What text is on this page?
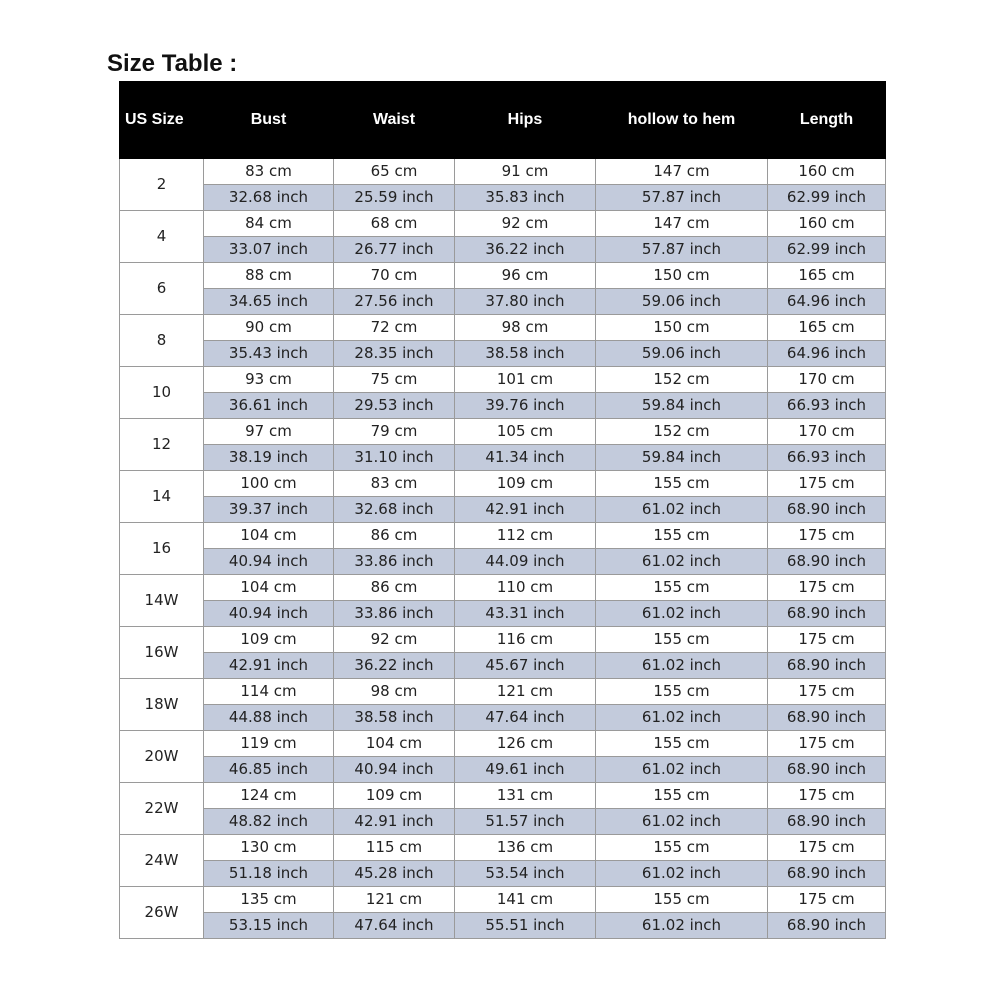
Size Table :
US Size	Bust	Waist	Hips	hollow to hem	Length
2	83 cm	65 cm	91 cm	147 cm	160 cm
	32.68 inch	25.59 inch	35.83 inch	57.87 inch	62.99 inch
4	84 cm	68 cm	92 cm	147 cm	160 cm
	33.07 inch	26.77 inch	36.22 inch	57.87 inch	62.99 inch
6	88 cm	70 cm	96 cm	150 cm	165 cm
	34.65 inch	27.56 inch	37.80 inch	59.06 inch	64.96 inch
8	90 cm	72 cm	98 cm	150 cm	165 cm
	35.43 inch	28.35 inch	38.58 inch	59.06 inch	64.96 inch
10	93 cm	75 cm	101 cm	152 cm	170 cm
	36.61 inch	29.53 inch	39.76 inch	59.84 inch	66.93 inch
12	97 cm	79 cm	105 cm	152 cm	170 cm
	38.19 inch	31.10 inch	41.34 inch	59.84 inch	66.93 inch
14	100 cm	83 cm	109 cm	155 cm	175 cm
	39.37 inch	32.68 inch	42.91 inch	61.02 inch	68.90 inch
16	104 cm	86 cm	112 cm	155 cm	175 cm
	40.94 inch	33.86 inch	44.09 inch	61.02 inch	68.90 inch
14W	104 cm	86 cm	110 cm	155 cm	175 cm
	40.94 inch	33.86 inch	43.31 inch	61.02 inch	68.90 inch
16W	109 cm	92 cm	116 cm	155 cm	175 cm
	42.91 inch	36.22 inch	45.67 inch	61.02 inch	68.90 inch
18W	114 cm	98 cm	121 cm	155 cm	175 cm
	44.88 inch	38.58 inch	47.64 inch	61.02 inch	68.90 inch
20W	119 cm	104 cm	126 cm	155 cm	175 cm
	46.85 inch	40.94 inch	49.61 inch	61.02 inch	68.90 inch
22W	124 cm	109 cm	131 cm	155 cm	175 cm
	48.82 inch	42.91 inch	51.57 inch	61.02 inch	68.90 inch
24W	130 cm	115 cm	136 cm	155 cm	175 cm
	51.18 inch	45.28 inch	53.54 inch	61.02 inch	68.90 inch
26W	135 cm	121 cm	141 cm	155 cm	175 cm
	53.15 inch	47.64 inch	55.51 inch	61.02 inch	68.90 inch
